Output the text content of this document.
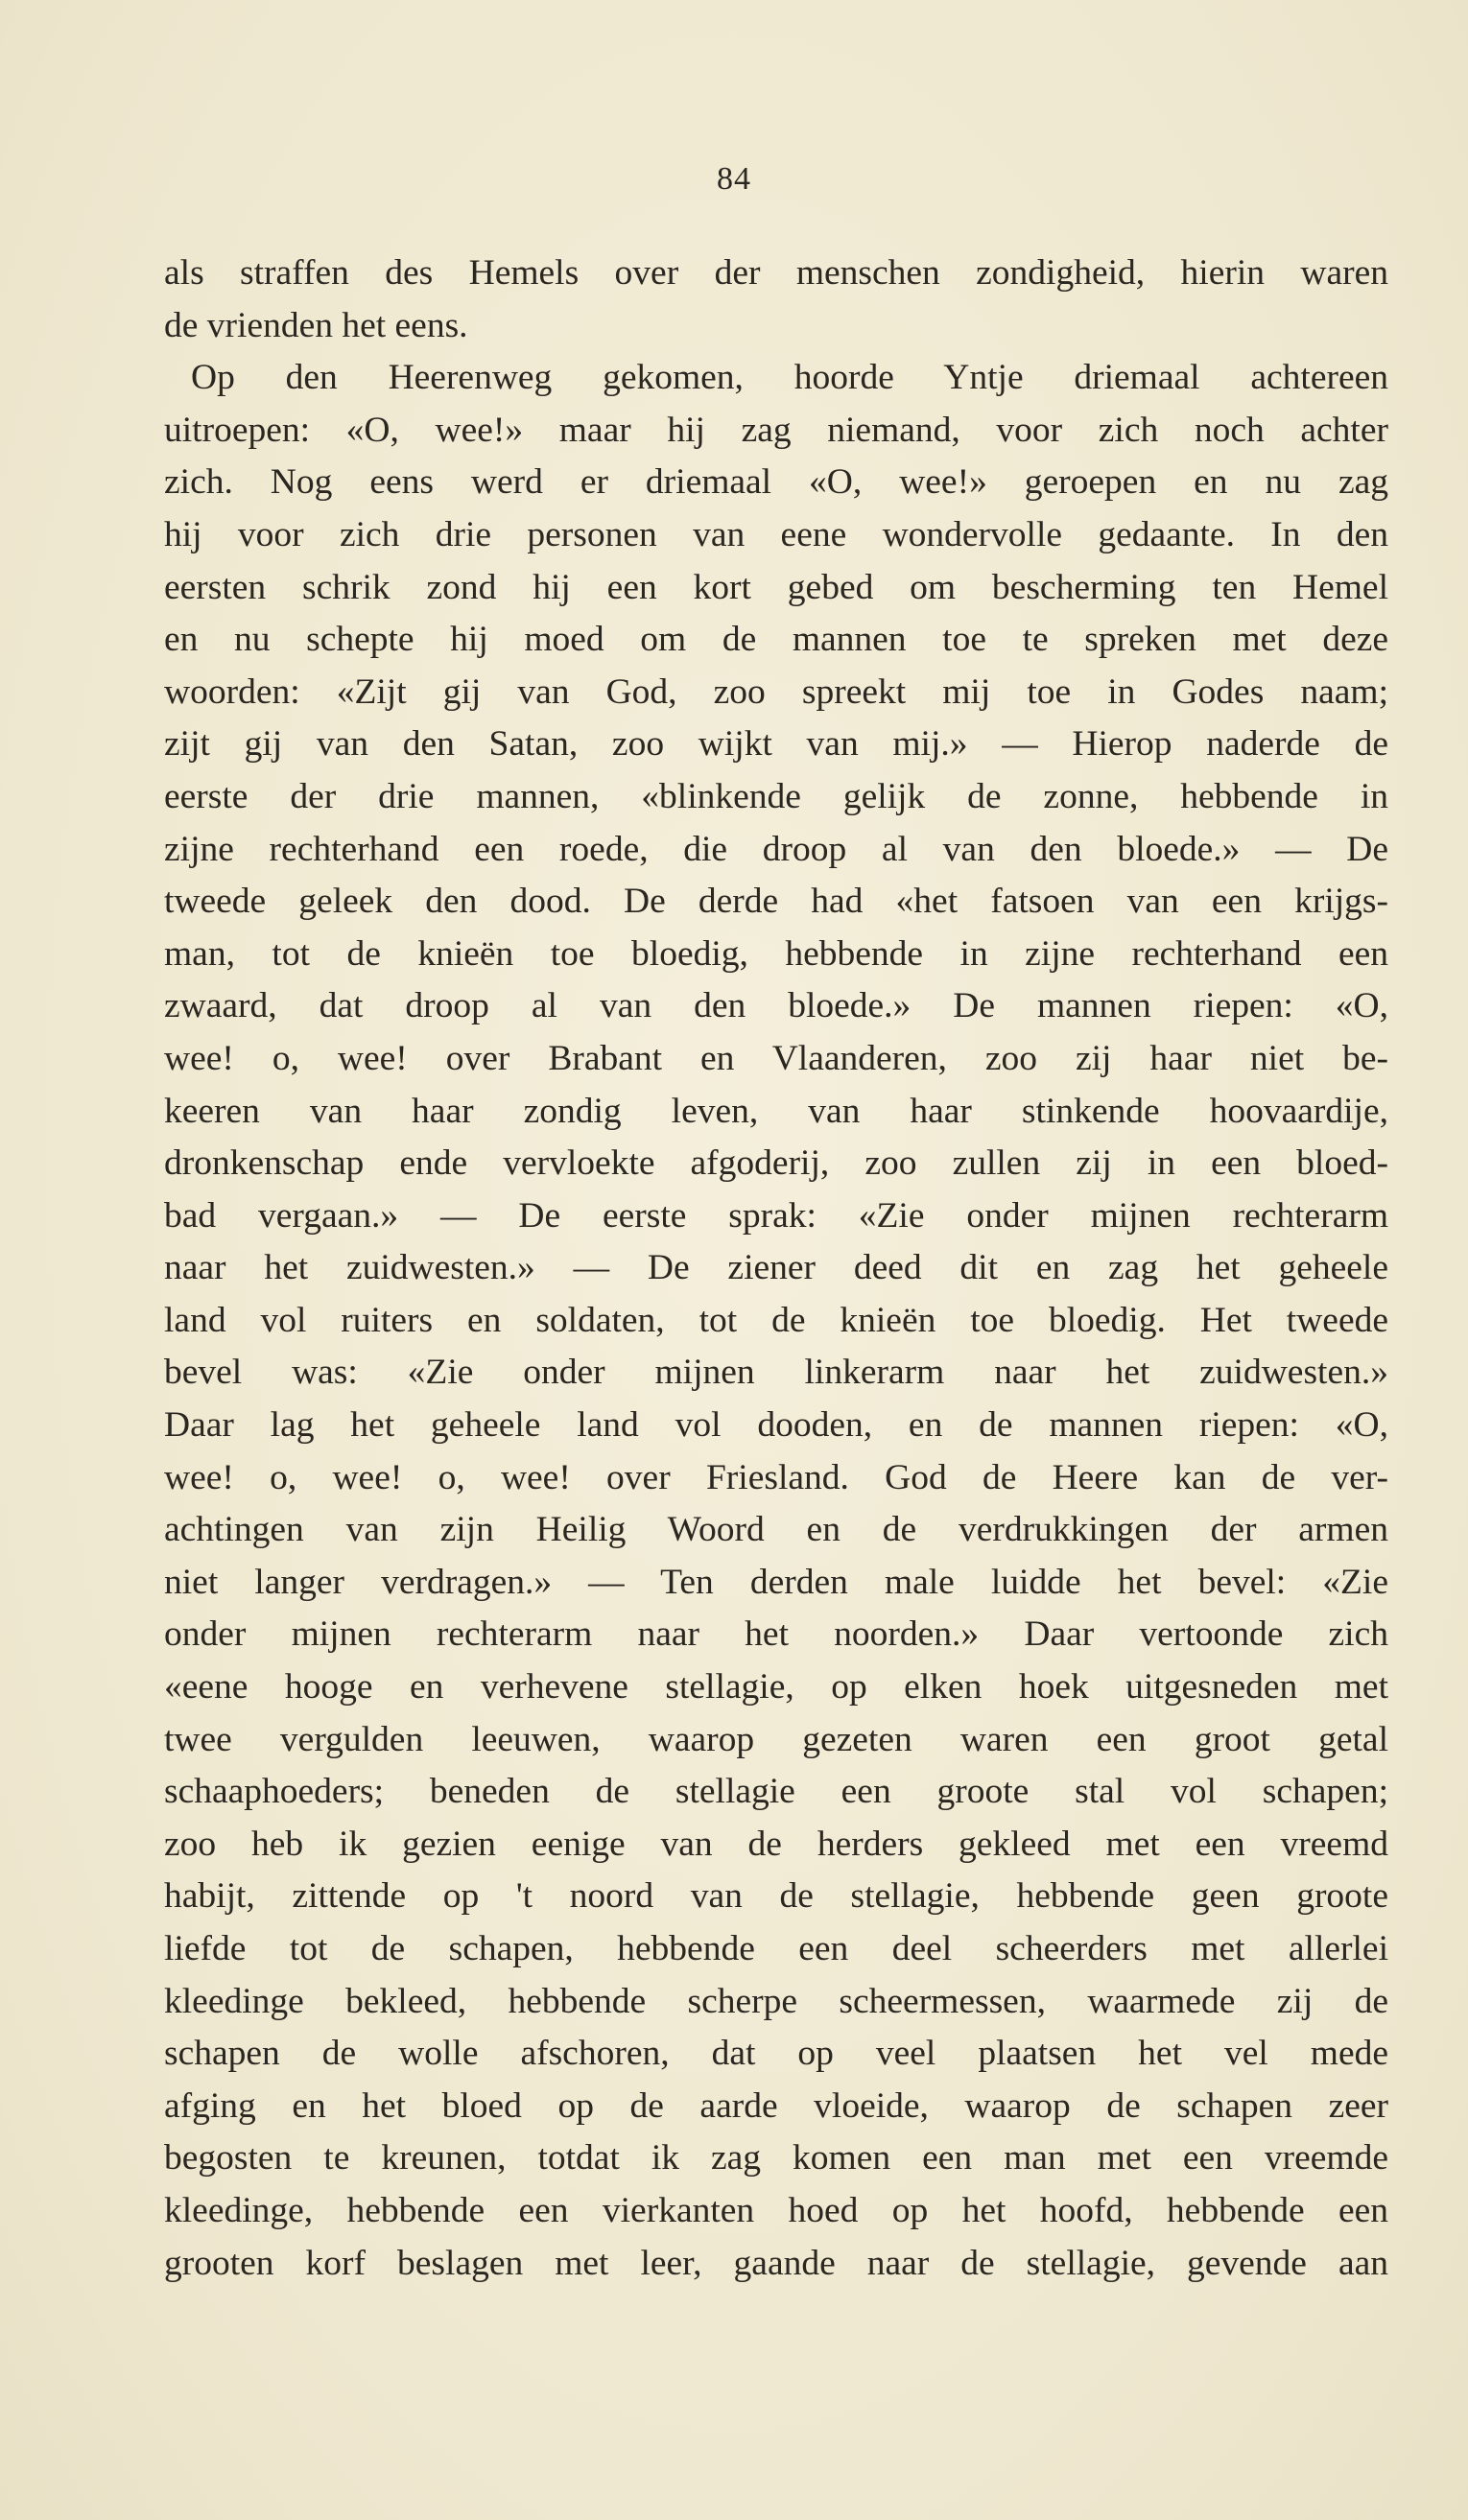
84
als straffen des Hemels over der menschen zondigheid, hierin waren
de vrienden het eens.
Op den Heerenweg gekomen, hoorde Yntje driemaal achtereen
uitroepen: «O, wee!» maar hij zag niemand, voor zich noch achter
zich. Nog eens werd er driemaal «O, wee!» geroepen en nu zag
hij voor zich drie personen van eene wondervolle gedaante. In den
eersten schrik zond hij een kort gebed om bescherming ten Hemel
en nu schepte hij moed om de mannen toe te spreken met deze
woorden: «Zijt gij van God, zoo spreekt mij toe in Godes naam;
zijt gij van den Satan, zoo wijkt van mij.» — Hierop naderde de
eerste der drie mannen, «blinkende gelijk de zonne, hebbende in
zijne rechterhand een roede, die droop al van den bloede.» — De
tweede geleek den dood. De derde had «het fatsoen van een krijgs-
man, tot de knieën toe bloedig, hebbende in zijne rechterhand een
zwaard, dat droop al van den bloede.» De mannen riepen: «O,
wee! o, wee! over Brabant en Vlaanderen, zoo zij haar niet be-
keeren van haar zondig leven, van haar stinkende hoovaardije,
dronkenschap ende vervloekte afgoderij, zoo zullen zij in een bloed-
bad vergaan.» — De eerste sprak: «Zie onder mijnen rechterarm
naar het zuidwesten.» — De ziener deed dit en zag het geheele
land vol ruiters en soldaten, tot de knieën toe bloedig. Het tweede
bevel was: «Zie onder mijnen linkerarm naar het zuidwesten.»
Daar lag het geheele land vol dooden, en de mannen riepen: «O,
wee! o, wee! o, wee! over Friesland. God de Heere kan de ver-
achtingen van zijn Heilig Woord en de verdrukkingen der armen
niet langer verdragen.» — Ten derden male luidde het bevel: «Zie
onder mijnen rechterarm naar het noorden.» Daar vertoonde zich
«eene hooge en verhevene stellagie, op elken hoek uitgesneden met
twee vergulden leeuwen, waarop gezeten waren een groot getal
schaaphoeders; beneden de stellagie een groote stal vol schapen;
zoo heb ik gezien eenige van de herders gekleed met een vreemd
habijt, zittende op 't noord van de stellagie, hebbende geen groote
liefde tot de schapen, hebbende een deel scheerders met allerlei
kleedinge bekleed, hebbende scherpe scheermessen, waarmede zij de
schapen de wolle afschoren, dat op veel plaatsen het vel mede
afging en het bloed op de aarde vloeide, waarop de schapen zeer
begosten te kreunen, totdat ik zag komen een man met een vreemde
kleedinge, hebbende een vierkanten hoed op het hoofd, hebbende een
grooten korf beslagen met leer, gaande naar de stellagie, gevende aan
